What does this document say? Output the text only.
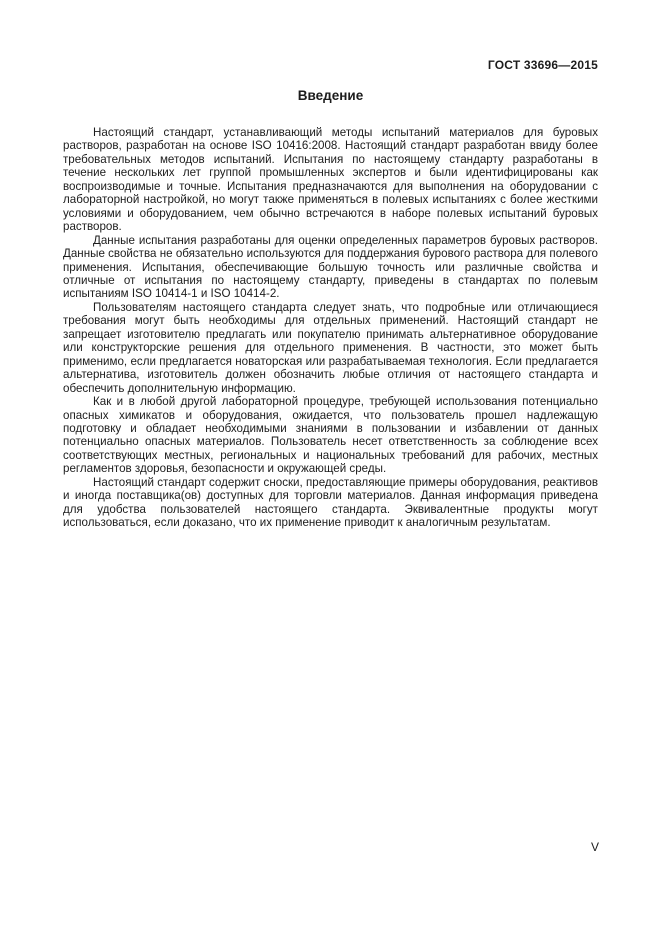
ГОСТ 33696—2015
Введение

Настоящий стандарт, устанавливающий методы испытаний материалов для буровых растворов, разработан на основе ISO 10416:2008. Настоящий стандарт разработан ввиду более требовательных методов испытаний. Испытания по настоящему стандарту разработаны в течение нескольких лет группой промышленных экспертов и были идентифицированы как воспроизводимые и точные. Испытания предназначаются для выполнения на оборудовании с лабораторной настройкой, но могут также применяться в полевых испытаниях с более жесткими условиями и оборудованием, чем обычно встречаются в наборе полевых испытаний буровых растворов.

Данные испытания разработаны для оценки определенных параметров буровых растворов. Данные свойства не обязательно используются для поддержания бурового раствора для полевого применения. Испытания, обеспечивающие большую точность или различные свойства и отличные от испытания по настоящему стандарту, приведены в стандартах по полевым испытаниям ISO 10414-1 и ISO 10414-2.

Пользователям настоящего стандарта следует знать, что подробные или отличающиеся требования могут быть необходимы для отдельных применений. Настоящий стандарт не запрещает изготовителю предлагать или покупателю принимать альтернативное оборудование или конструкторские решения для отдельного применения. В частности, это может быть применимо, если предлагается новаторская или разрабатываемая технология. Если предлагается альтернатива, изготовитель должен обозначить любые отличия от настоящего стандарта и обеспечить дополнительную информацию.

Как и в любой другой лабораторной процедуре, требующей использования потенциально опасных химикатов и оборудования, ожидается, что пользователь прошел надлежащую подготовку и обладает необходимыми знаниями в пользовании и избавлении от данных потенциально опасных материалов. Пользователь несет ответственность за соблюдение всех соответствующих местных, региональных и национальных требований для рабочих, местных регламентов здоровья, безопасности и окружающей среды.

Настоящий стандарт содержит сноски, предоставляющие примеры оборудования, реактивов и иногда поставщика(ов) доступных для торговли материалов. Данная информация приведена для удобства пользователей настоящего стандарта. Эквивалентные продукты могут использоваться, если доказано, что их применение приводит к аналогичным результатам.

V
